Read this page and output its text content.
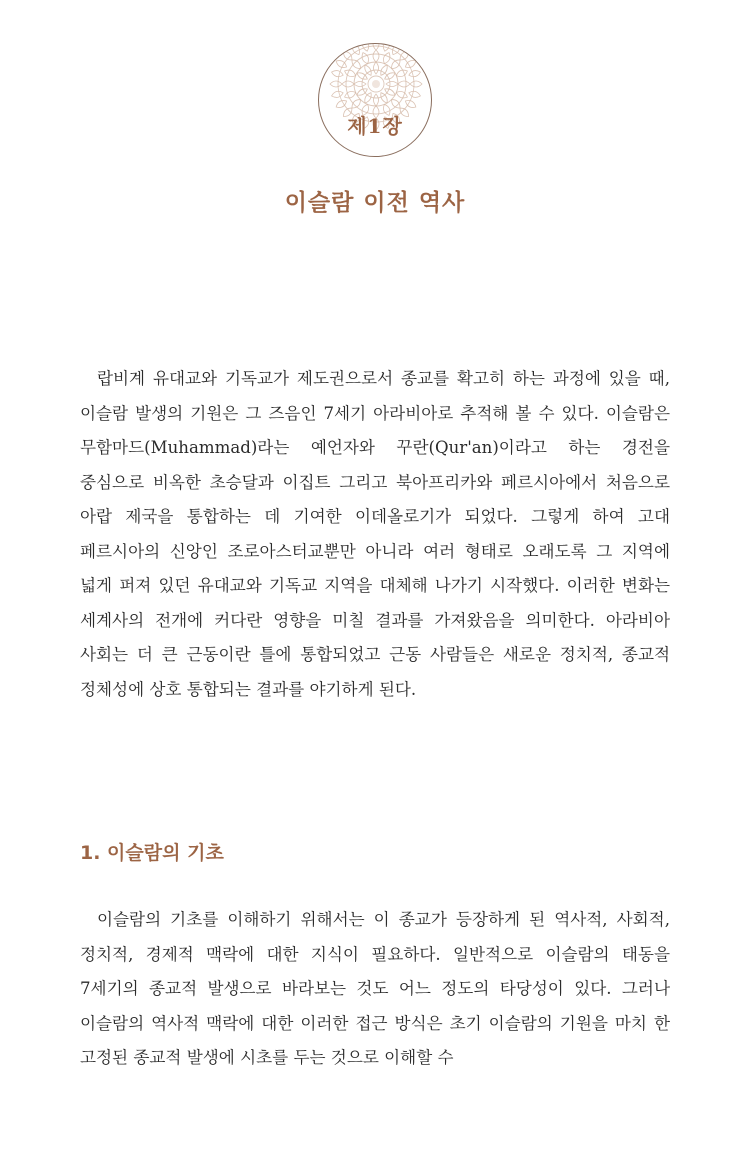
제1장
이슬람 이전 역사

랍비계 유대교와 기독교가 제도권으로서 종교를 확고히 하는 과정에 있을 때, 이슬람 발생의 기원은 그 즈음인 7세기 아라비아로 추적해 볼 수 있다. 이슬람은 무함마드(Muhammad)라는 예언자와 꾸란(Qur'an)이라고 하는 경전을 중심으로 비옥한 초승달과 이집트 그리고 북아프리카와 페르시아에서 처음으로 아랍 제국을 통합하는 데 기여한 이데올로기가 되었다. 그렇게 하여 고대 페르시아의 신앙인 조로아스터교뿐만 아니라 여러 형태로 오래도록 그 지역에 넓게 퍼져 있던 유대교와 기독교 지역을 대체해 나가기 시작했다. 이러한 변화는 세계사의 전개에 커다란 영향을 미칠 결과를 가져왔음을 의미한다. 아라비아 사회는 더 큰 근동이란 틀에 통합되었고 근동 사람들은 새로운 정치적, 종교적 정체성에 상호 통합되는 결과를 야기하게 된다.

1. 이슬람의 기초

이슬람의 기초를 이해하기 위해서는 이 종교가 등장하게 된 역사적, 사회적, 정치적, 경제적 맥락에 대한 지식이 필요하다. 일반적으로 이슬람의 태동을 7세기의 종교적 발생으로 바라보는 것도 어느 정도의 타당성이 있다. 그러나 이슬람의 역사적 맥락에 대한 이러한 접근 방식은 초기 이슬람의 기원을 마치 한 고정된 종교적 발생에 시초를 두는 것으로 이해할 수
